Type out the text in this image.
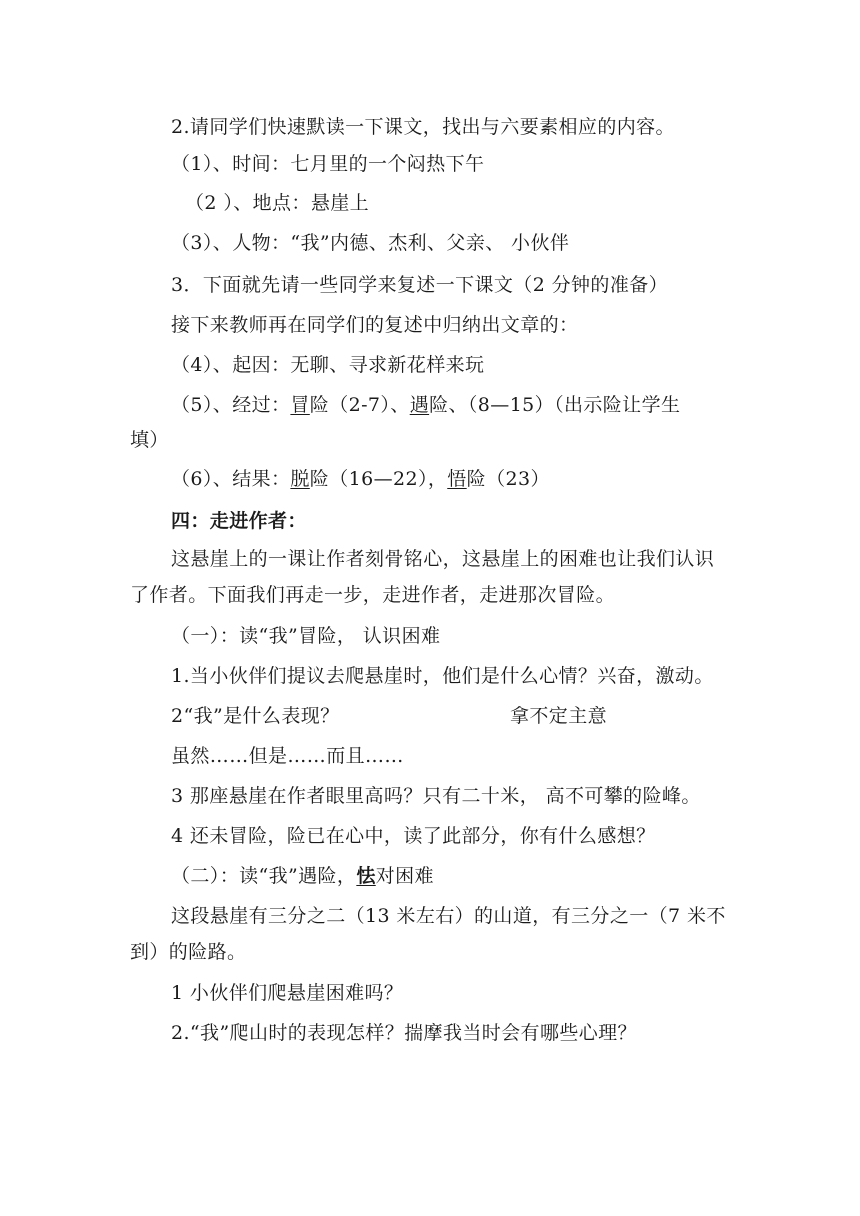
2.请同学们快速默读一下课文，找出与六要素相应的内容。
（1）、时间：七月里的一个闷热下午
（2 ）、地点：悬崖上
（3）、人物：“我”内德、杰利、父亲、 小伙伴
3．下面就先请一些同学来复述一下课文（2 分钟的准备）
接下来教师再在同学们的复述中归纳出文章的：
（4）、起因：无聊、寻求新花样来玩
（5）、经过：冒险（2-7）、遇险、（8—15）（出示险让学生
填）
（6）、结果：脱险（16—22），悟险（23）
四：走进作者：
这悬崖上的一课让作者刻骨铭心，这悬崖上的困难也让我们认识
了作者。下面我们再走一步，走进作者，走进那次冒险。
（一）：读“我”冒险， 认识困难
1.当小伙伴们提议去爬悬崖时，他们是什么心情？兴奋，激动。
2“我”是什么表现？	拿不定主意
虽然……但是……而且……
3 那座悬崖在作者眼里高吗？只有二十米， 高不可攀的险峰。
4 还未冒险，险已在心中，读了此部分，你有什么感想？
（二）：读“我”遇险，怯对困难
这段悬崖有三分之二（13 米左右）的山道，有三分之一（7 米不
到）的险路。
1 小伙伴们爬悬崖困难吗？
2.“我”爬山时的表现怎样？揣摩我当时会有哪些心理？
